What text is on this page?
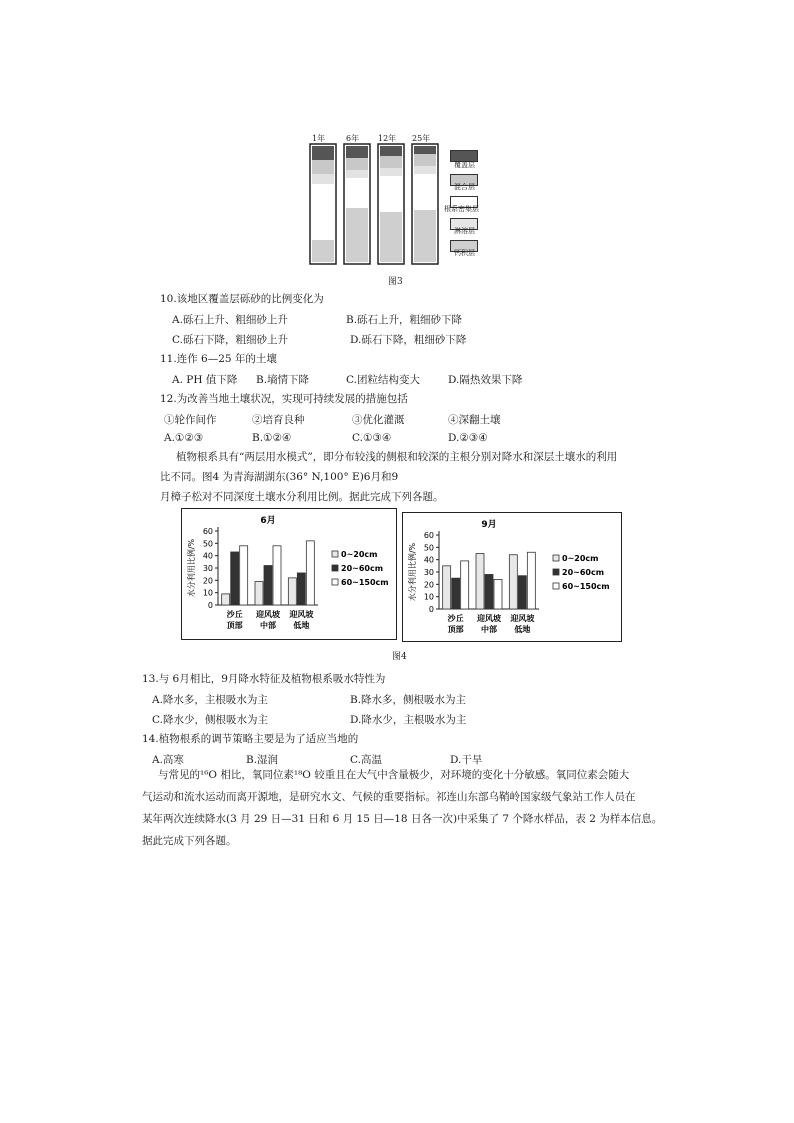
1年	6年 12年 25年
覆盖层
混合层
根系密集层
淋溶层
钙积层
图3
10.该地区覆盖层砾砂的比例变化为
A.砾石上升、粗细砂上升	B.砾石上升，粗细砂下降
C.砾石下降，粗细砂上升	D.砾石下降，粗细砂下降
11.连作 6—25 年的土壤
A. PH 值下降 B.墒情下降	C.团粒结构变大	D.隔热效果下降
12.为改善当地土壤状况，实现可持续发展的措施包括
①轮作间作	②培育良种	③优化灌溉	④深翻土壤
A.①②③	B.①②④	C.①③④	D.②③④
植物根系具有“两层用水模式”，即分布较浅的侧根和较深的主根分别对降水和深层土壤水的利用
比不同。图4 为青海湖湖东(36° N,100° E)6月和9
月樟子松对不同深度土壤水分利用比例。据此完成下列各题。
6月
水分利用比例/%
0
10
20
30
40
50
60
沙丘
顶部
迎风坡
中部
迎风坡
低地
0~20cm
20~60cm
60~150cm
9月
水分利用比例/%
0
10
20
30
40
50
60
沙丘
顶部
迎风坡
中部
迎风坡
低地
0~20cm
20~60cm
60~150cm
图4
13.与 6月相比，9月降水特征及植物根系吸水特性为
A.降水多，主根吸水为主	B.降水多，侧根吸水为主
C.降水少，侧根吸水为主	D.降水少，主根吸水为主
14.植物根系的调节策略主要是为了适应当地的
A.高寒	B.湿润	C.高温	D.干旱
与常见的¹⁶O 相比，氧同位素¹⁸O 较重且在大气中含量极少，对环境的变化十分敏感。氧同位素会随大
气运动和流水运动而离开源地，是研究水文、气候的重要指标。祁连山东部乌鞘岭国家级气象站工作人员在
某年两次连续降水(3 月 29 日—31 日和 6 月 15 日—18 日各一次)中采集了 7 个降水样品，表 2 为样本信息。
据此完成下列各题。
